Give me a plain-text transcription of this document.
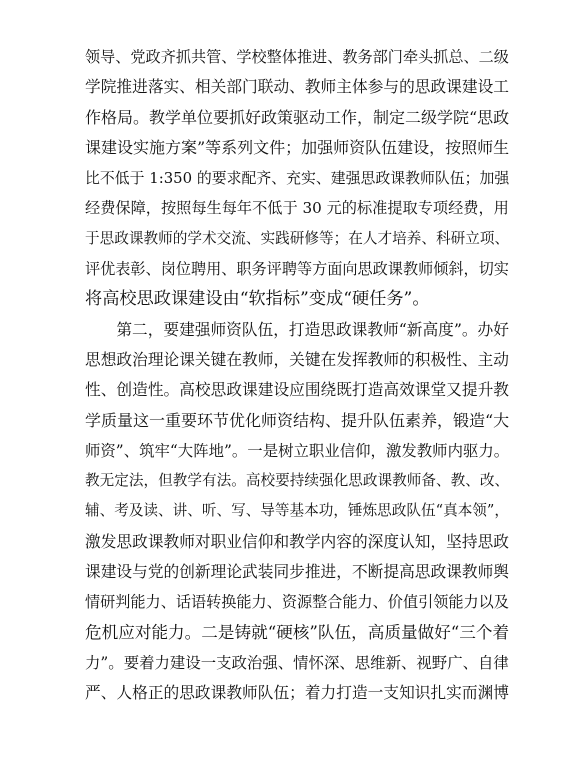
领导、党政齐抓共管、学校整体推进、教务部门牵头抓总、二级
学院推进落实、相关部门联动、教师主体参与的思政课建设工
作格局。教学单位要抓好政策驱动工作，制定二级学院“思政
课建设实施方案”等系列文件；加强师资队伍建设，按照师生
比不低于 1:350 的要求配齐、充实、建强思政课教师队伍；加强
经费保障，按照每生每年不低于 30 元的标准提取专项经费，用
于思政课教师的学术交流、实践研修等；在人才培养、科研立项、
评优表彰、岗位聘用、职务评聘等方面向思政课教师倾斜，切实
将高校思政课建设由“软指标”变成“硬任务”。
　　第二，要建强师资队伍，打造思政课教师“新高度”。办好
思想政治理论课关键在教师，关键在发挥教师的积极性、主动
性、创造性。高校思政课建设应围绕既打造高效课堂又提升教
学质量这一重要环节优化师资结构、提升队伍素养，锻造“大
师资”、筑牢“大阵地”。一是树立职业信仰，激发教师内驱力。
教无定法，但教学有法。高校要持续强化思政课教师备、教、改、
辅、考及读、讲、听、写、导等基本功，锤炼思政队伍“真本领”，
激发思政课教师对职业信仰和教学内容的深度认知，坚持思政
课建设与党的创新理论武装同步推进，不断提高思政课教师舆
情研判能力、话语转换能力、资源整合能力、价值引领能力以及
危机应对能力。二是铸就“硬核”队伍，高质量做好“三个着
力”。要着力建设一支政治强、情怀深、思维新、视野广、自律
严、人格正的思政课教师队伍；着力打造一支知识扎实而渊博
